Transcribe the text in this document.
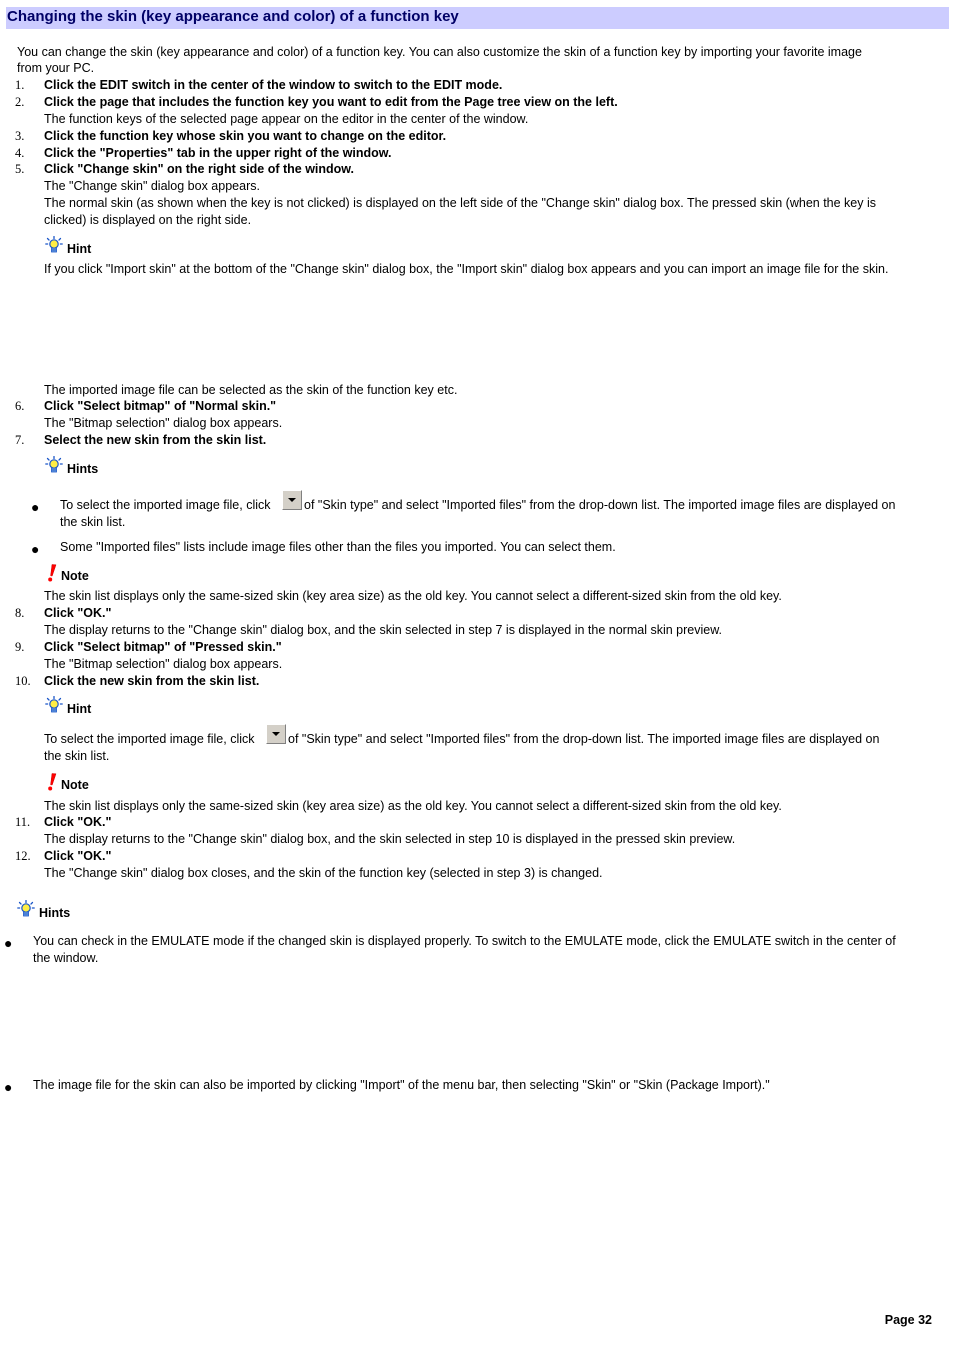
Changing the skin (key appearance and color) of a function key
You can change the skin (key appearance and color) of a function key. You can also customize the skin of a function key by importing your favorite image
from your PC.
1. Click the EDIT switch in the center of the window to switch to the EDIT mode.
2. Click the page that includes the function key you want to edit from the Page tree view on the left.
The function keys of the selected page appear on the editor in the center of the window.
3. Click the function key whose skin you want to change on the editor.
4. Click the "Properties" tab in the upper right of the window.
5. Click "Change skin" on the right side of the window.
The "Change skin" dialog box appears.
The normal skin (as shown when the key is not clicked) is displayed on the left side of the "Change skin" dialog box. The pressed skin (when the key is
clicked) is displayed on the right side.
Hint
If you click "Import skin" at the bottom of the "Change skin" dialog box, the "Import skin" dialog box appears and you can import an image file for the skin.
The imported image file can be selected as the skin of the function key etc.
6. Click "Select bitmap" of "Normal skin."
The "Bitmap selection" dialog box appears.
7. Select the new skin from the skin list.
Hints
● To select the imported image file, click	of "Skin type" and select "Imported files" from the drop-down list. The imported image files are displayed on
the skin list.
● Some "Imported files" lists include image files other than the files you imported. You can select them.
Note
The skin list displays only the same-sized skin (key area size) as the old key. You cannot select a different-sized skin from the old key.
8. Click "OK."
The display returns to the "Change skin" dialog box, and the skin selected in step 7 is displayed in the normal skin preview.
9. Click "Select bitmap" of "Pressed skin."
The "Bitmap selection" dialog box appears.
10. Click the new skin from the skin list.
Hint
To select the imported image file, click	of "Skin type" and select "Imported files" from the drop-down list. The imported image files are displayed on
the skin list.
Note
The skin list displays only the same-sized skin (key area size) as the old key. You cannot select a different-sized skin from the old key.
11. Click "OK."
The display returns to the "Change skin" dialog box, and the skin selected in step 10 is displayed in the pressed skin preview.
12. Click "OK."
The "Change skin" dialog box closes, and the skin of the function key (selected in step 3) is changed.
Hints
● You can check in the EMULATE mode if the changed skin is displayed properly. To switch to the EMULATE mode, click the EMULATE switch in the center of
the window.
● The image file for the skin can also be imported by clicking "Import" of the menu bar, then selecting "Skin" or "Skin (Package Import)."
Page 32
